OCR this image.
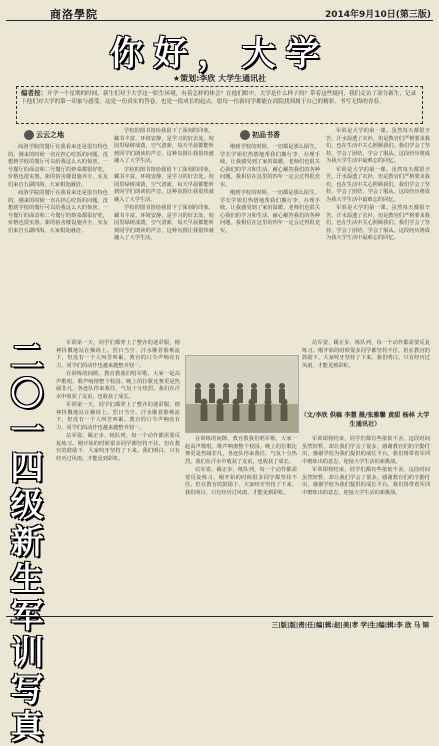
商洛學院	2014年9月10日(第三版)
你好，大学
★策划:李欣 大学生通讯社
编者按：开学一个星期的时间，新生们对于大学这一陌生环境，有着怎样的体会？在他们眼中，大学是什么样子的？带着这些疑问，我们走访了部分新生，记录下他们对大学的第一印象与感受。这是一份真实的答卷，也是一段成长的起点。愿每一位新同学都能在商院找到属于自己的精彩，书写无悔的青春。
云云之地	初品书香

商洛学院的餐厅在我看来还是很有特色的。刚来的时候一直在担心吃饭的问题，没想到学校的餐厅可以给我这么大的惊喜。一号餐厅的面食和二号餐厅的炒菜都很好吃，价格也很实惠。新的宿舍楼设施齐全，室友们来自五湖四海，大家相处融洽。

商洛学院的餐厅在我看来还是很有特色的。刚来的时候一直在担心吃饭的问题，没想到学校的餐厅可以给我这么大的惊喜。一号餐厅的面食和二号餐厅的炒菜都很好吃，价格也很实惠。新的宿舍楼设施齐全，室友们来自五湖四海，大家相处融洽。

学校的图书馆给我留下了深刻的印象，藏书丰富，环境安静，是学习的好去处。校园里绿树成荫，空气清新，每天早晨都能听到同学们朗读的声音，这种氛围让我很快就融入了大学生活。

学校的图书馆给我留下了深刻的印象，藏书丰富，环境安静，是学习的好去处。校园里绿树成荫，空气清新，每天早晨都能听到同学们朗读的声音，这种氛围让我很快就融入了大学生活。

学校的图书馆给我留下了深刻的印象，藏书丰富，环境安静，是学习的好去处。校园里绿树成荫，空气清新，每天早晨都能听到同学们朗读的声音，这种氛围让我很快就融入了大学生活。

刚到学校的时候，一切都是那么陌生。学长学姐们热情地帮我们搬行李、办理手续，让我感受到了家的温暖。老师们也很关心我们的学习和生活，耐心解答我们的各种问题。我相信在这里的四年一定会过得很充实。

刚到学校的时候，一切都是那么陌生。学长学姐们热情地帮我们搬行李、办理手续，让我感受到了家的温暖。老师们也很关心我们的学习和生活，耐心解答我们的各种问题。我相信在这里的四年一定会过得很充实。

军训是大学的第一课。虽然每天都很辛苦，汗水湿透了衣衫，但是教官们严格要求我们，也在生活中关心照顾我们。我们学会了坚持，学会了团结，学会了服从。这段经历将成为我大学生活中最难忘的回忆。

军训是大学的第一课。虽然每天都很辛苦，汗水湿透了衣衫，但是教官们严格要求我们，也在生活中关心照顾我们。我们学会了坚持，学会了团结，学会了服从。这段经历将成为我大学生活中最难忘的回忆。

军训是大学的第一课。虽然每天都很辛苦，汗水湿透了衣衫，但是教官们严格要求我们，也在生活中关心照顾我们。我们学会了坚持，学会了团结，学会了服从。这段经历将成为我大学生活中最难忘的回忆。

二〇一四级新生军训写真

军训第一天，同学们都穿上了整齐的迷彩服，精神抖擞地站在操场上。烈日当空，汗水顺着脸颊流下，但没有一个人叫苦叫累。教官的口令声响亮有力，同学们的动作也越来越整齐划一。

在训练的间隙，教官教我们唱军歌，大家一起高声歌唱，歌声响彻整个校园。晚上的拉歌比赛更是热闹非凡，各连队你来我往，气氛十分热烈。我们在汗水中收获了友谊，也收获了成长。

军训第一天，同学们都穿上了整齐的迷彩服，精神抖擞地站在操场上。烈日当空，汗水顺着脸颊流下，但没有一个人叫苦叫累。教官的口令声响亮有力，同学们的动作也越来越整齐划一。

站军姿、踢正步、练队列，每一个动作都需要反复练习。刚开始的时候很多同学都坚持不住，但在教官的鼓励下，大家咬牙坚持了下来。我们明白，只有经历过风雨，才能见到彩虹。

在训练的间隙，教官教我们唱军歌，大家一起高声歌唱，歌声响彻整个校园。晚上的拉歌比赛更是热闹非凡，各连队你来我往，气氛十分热烈。我们在汗水中收获了友谊，也收获了成长。

站军姿、踢正步、练队列，每一个动作都需要反复练习。刚开始的时候很多同学都坚持不住，但在教官的鼓励下，大家咬牙坚持了下来。我们明白，只有经历过风雨，才能见到彩虹。

站军姿、踢正步、练队列，每一个动作都需要反复练习。刚开始的时候很多同学都坚持不住，但在教官的鼓励下，大家咬牙坚持了下来。我们明白，只有经历过风雨，才能见到彩虹。

军训即将结束，同学们都有些依依不舍。这段时间虽然短暂，却让我们学会了很多。感谢教官们的辛勤付出，感谢学校为我们提供的成长平台。我们将带着军训中磨炼出的意志，迎接大学生活的新挑战。

军训即将结束，同学们都有些依依不舍。这段时间虽然短暂，却让我们学会了很多。感谢教官们的辛勤付出，感谢学校为我们提供的成长平台。我们将带着军训中磨炼出的意志，迎接大学生活的新挑战。

（文/李欣 供稿 李慧 摄/张雅馨 黄甜 杨林 大学生通讯社）
三|版|版|责|任|编|辑:赵|美|孝 学|生|编|辑:李 欣 马 锦
